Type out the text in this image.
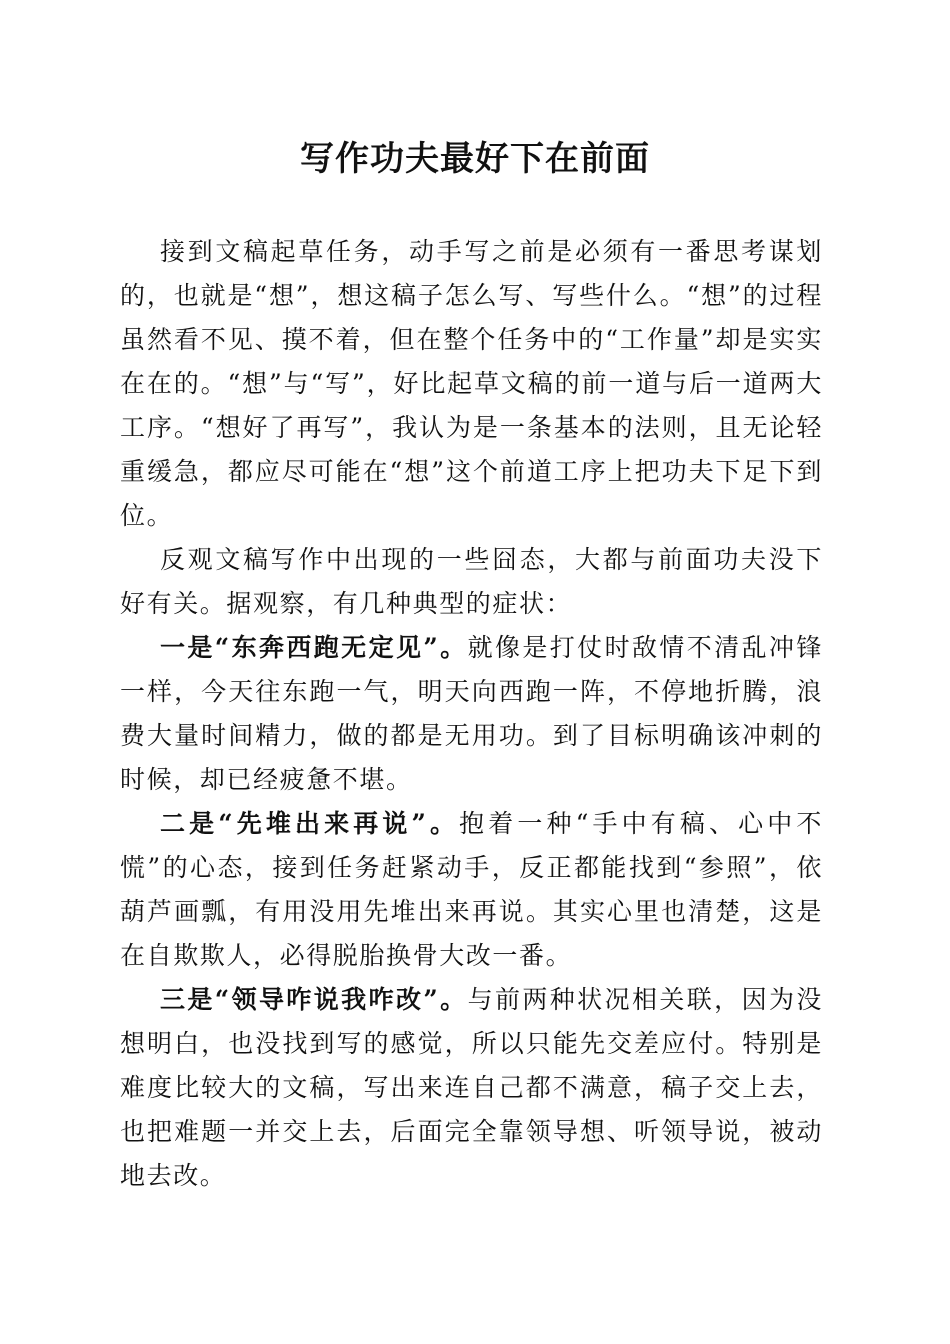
写作功夫最好下在前面

接到文稿起草任务，动手写之前是必须有一番思考谋划的，也就是“想”，想这稿子怎么写、写些什么。“想”的过程虽然看不见、摸不着，但在整个任务中的“工作量”却是实实在在的。“想”与“写”，好比起草文稿的前一道与后一道两大工序。“想好了再写”，我认为是一条基本的法则，且无论轻重缓急，都应尽可能在“想”这个前道工序上把功夫下足下到位。

反观文稿写作中出现的一些囧态，大都与前面功夫没下好有关。据观察，有几种典型的症状：

一是“东奔西跑无定见”。就像是打仗时敌情不清乱冲锋一样，今天往东跑一气，明天向西跑一阵，不停地折腾，浪费大量时间精力，做的都是无用功。到了目标明确该冲刺的时候，却已经疲惫不堪。

二是“先堆出来再说”。抱着一种“手中有稿、心中不慌”的心态，接到任务赶紧动手，反正都能找到“参照”，依葫芦画瓢，有用没用先堆出来再说。其实心里也清楚，这是在自欺欺人，必得脱胎换骨大改一番。

三是“领导咋说我咋改”。与前两种状况相关联，因为没想明白，也没找到写的感觉，所以只能先交差应付。特别是难度比较大的文稿，写出来连自己都不满意，稿子交上去，也把难题一并交上去，后面完全靠领导想、听领导说，被动地去改。
